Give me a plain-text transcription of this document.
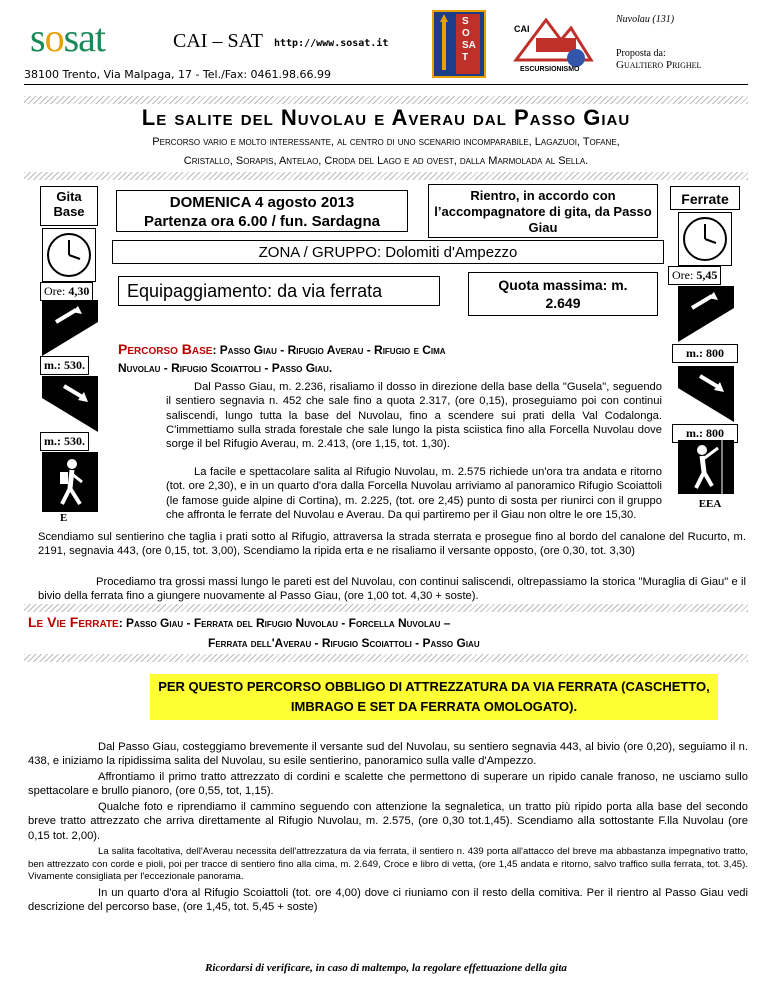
sosat	CAI – SAT http://www.sosat.it
SOSAT
CAI
ESCURSIONISMO
Nuvolau (131)
Proposta da:
Gualtiero Prighel
38100 Trento, Via Malpaga, 17 - Tel./Fax: 0461.98.66.99
Le salite del Nuvolau e Averau dal Passo Giau
Percorso vario e molto interessante, al centro di uno scenario incomparabile, Lagazuoi, Tofane,
Cristallo, Sorapis, Antelao, Croda del Lago e ad ovest, dalla Marmolada al Sella.
Gita Base
Ore: 4,30
m.: 530.
m.: 530.
E
DOMENICA 4 agosto 2013
Partenza ora 6.00 / fun. Sardagna
Rientro, in accordo con l’accompagnatore di gita, da Passo Giau
ZONA / GRUPPO: Dolomiti d'Ampezzo
Equipaggiamento: da via ferrata	Quota massima: m.
2.649
Ferrate
Ore: 5,45
m.: 800
m.: 800
EEA
Percorso Base: Passo Giau - Rifugio Averau - Rifugio e Cima
Nuvolau - Rifugio Scoiattoli - Passo Giau.
Dal Passo Giau, m. 2.236, risaliamo il dosso in direzione della base della "Gusela", seguendo il sentiero segnavia n. 452 che sale fino a quota 2.317, (ore 0,15), proseguiamo poi con continui saliscendi, lungo tutta la base del Nuvolau, fino a scendere sui prati della Val Codalonga. C'immettiamo sulla strada forestale che sale lungo la pista sciistica fino alla Forcella Nuvolau dove sorge il bel Rifugio Averau, m. 2.413, (ore 1,15, tot. 1,30).
La facile e spettacolare salita al Rifugio Nuvolau, m. 2.575 richiede un'ora tra andata e ritorno (tot. ore 2,30), e in un quarto d'ora dalla Forcella Nuvolau arriviamo al panoramico Rifugio Scoiattoli (le famose guide alpine di Cortina), m. 2.225, (tot. ore 2,45) punto di sosta per riunirci con il gruppo che affronta le ferrate del Nuvolau e Averau. Da qui partiremo per il Giau non oltre le ore 15,30.
Scendiamo sul sentierino che taglia i prati sotto al Rifugio, attraversa la strada sterrata e prosegue fino al bordo del canalone del Rucurto, m. 2191, segnavia 443, (ore 0,15, tot. 3,00), Scendiamo la ripida erta e ne risaliamo il versante opposto, (ore 0,30, tot. 3,30)
Procediamo tra grossi massi lungo le pareti est del Nuvolau, con continui saliscendi, oltrepassiamo la storica "Muraglia di Giau" e il bivio della ferrata fino a giungere nuovamente al Passo Giau, (ore 1,00 tot. 4,30 + soste).
Le Vie Ferrate: Passo Giau - Ferrata del Rifugio Nuvolau - Forcella Nuvolau –
Ferrata dell'Averau - Rifugio Scoiattoli - Passo Giau
PER QUESTO PERCORSO OBBLIGO DI ATTREZZATURA DA VIA FERRATA (CASCHETTO, IMBRAGO E SET DA FERRATA OMOLOGATO).
Dal Passo Giau, costeggiamo brevemente il versante sud del Nuvolau, su sentiero segnavia 443, al bivio (ore 0,20), seguiamo il n. 438, e iniziamo la ripidissima salita del Nuvolau, su esile sentierino, panoramico sulla valle d'Ampezzo.
Affrontiamo il primo tratto attrezzato di cordini e scalette che permettono di superare un ripido canale franoso, ne usciamo sullo spettacolare e brullo pianoro, (ore 0,55, tot, 1,15).
Qualche foto e riprendiamo il cammino seguendo con attenzione la segnaletica, un tratto più ripido porta alla base del secondo breve tratto attrezzato che arriva direttamente al Rifugio Nuvolau, m. 2.575, (ore 0,30 tot.1,45). Scendiamo alla sottostante F.lla Nuvolau (ore 0,15 tot. 2,00).
La salita facoltativa, dell'Averau necessita dell'attrezzatura da via ferrata, il sentiero n. 439 porta all'attacco del breve ma abbastanza impegnativo tratto, ben attrezzato con corde e pioli, poi per tracce di sentiero fino alla cima, m. 2.649, Croce e libro di vetta, (ore 1,45 andata e ritorno, salvo traffico sulla ferrata, tot. 3,45). Vivamente consigliata per l'eccezionale panorama.
In un quarto d'ora al Rifugio Scoiattoli (tot. ore 4,00) dove ci riuniamo con il resto della comitiva. Per il rientro al Passo Giau vedi descrizione del percorso base, (ore 1,45, tot. 5,45 + soste)
Ricordarsi di verificare, in caso di maltempo, la regolare effettuazione della gita
